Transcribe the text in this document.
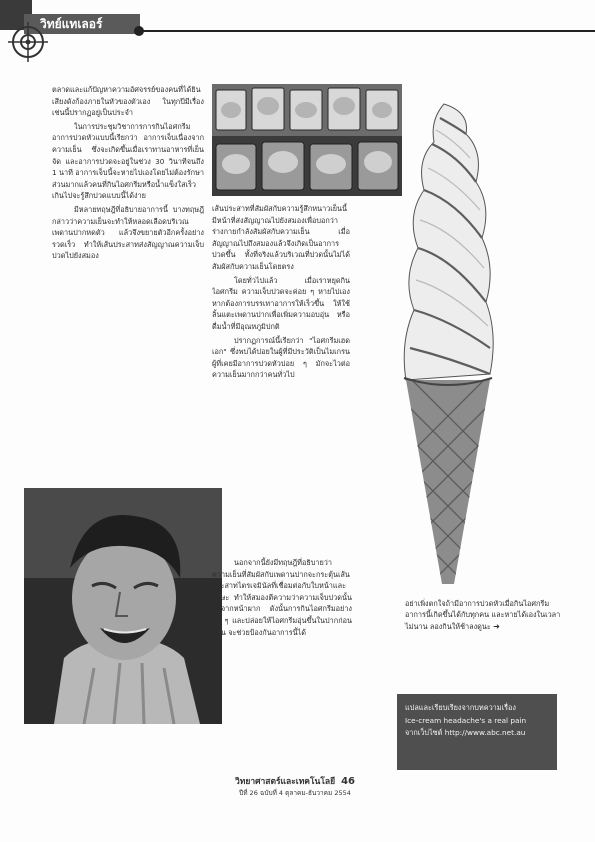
วิทย์แทเลอร์

ตลาดและแก้ปัญหาความอัศจรรย์ของคนที่ได้ยินเสียงดังก้องภายในหัวของตัวเอง ในทุกปีมีเรื่องเช่นนี้ปรากฏอยู่เป็นประจำ

ในการประชุมวิชาการการกินไอศกรีม อาการปวดหัวแบบนี้เรียกว่า อาการเจ็บเนื่องจากความเย็น ซึ่งจะเกิดขึ้นเมื่อเราทานอาหารที่เย็นจัด และอาการปวดจะอยู่ในช่วง 30 วินาทีจนถึง 1 นาที อาการเจ็บนี้จะหายไปเองโดยไม่ต้องรักษา ส่วนมากแล้วคนที่กินไอศกรีมหรือน้ำแข็งใสเร็วเกินไปจะรู้สึกปวดแบบนี้ได้ง่าย

มีหลายทฤษฎีที่อธิบายอาการนี้ บางทฤษฎีกล่าวว่าความเย็นจะทำให้หลอดเลือดบริเวณเพดานปากหดตัว แล้วจึงขยายตัวอีกครั้งอย่างรวดเร็ว ทำให้เส้นประสาทส่งสัญญาณความเจ็บปวดไปยังสมอง

เส้นประสาทที่สัมผัสกับความรู้สึกหนาวเย็นนี้ มีหน้าที่ส่งสัญญาณไปยังสมองเพื่อบอกว่าร่างกายกำลังสัมผัสกับความเย็น เมื่อสัญญาณไปถึงสมองแล้วจึงเกิดเป็นอาการปวดขึ้น ทั้งที่จริงแล้วบริเวณที่ปวดนั้นไม่ได้สัมผัสกับความเย็นโดยตรง

โดยทั่วไปแล้ว เมื่อเราหยุดกินไอศกรีม ความเจ็บปวดจะค่อย ๆ หายไปเอง หากต้องการบรรเทาอาการให้เร็วขึ้น ให้ใช้ลิ้นแตะเพดานปากเพื่อเพิ่มความอบอุ่น หรือดื่มน้ำที่มีอุณหภูมิปกติ

ปรากฏการณ์นี้เรียกว่า "ไอศกรีมเฮดเอก" ซึ่งพบได้บ่อยในผู้ที่มีประวัติเป็นไมเกรน ผู้ที่เคยมีอาการปวดหัวบ่อย ๆ มักจะไวต่อความเย็นมากกว่าคนทั่วไป

นอกจากนี้ยังมีทฤษฎีที่อธิบายว่า ความเย็นที่สัมผัสกับเพดานปากจะกระตุ้นเส้นประสาทไตรเจมินัลที่เชื่อมต่อกับใบหน้าและศีรษะ ทำให้สมองตีความว่าความเจ็บปวดนั้นมาจากหน้าผาก ดังนั้นการกินไอศกรีมอย่างช้า ๆ และปล่อยให้ไอศกรีมอุ่นขึ้นในปากก่อนกลืน จะช่วยป้องกันอาการนี้ได้

อย่าเพิ่งตกใจถ้ามีอาการปวดหัวเมื่อกินไอศกรีม อาการนี้เกิดขึ้นได้กับทุกคน และหายได้เองในเวลาไม่นาน ลองกินให้ช้าลงดูนะ ➜

แปลและเรียบเรียงจากบทความเรื่อง
Ice-cream headache's a real pain
จากเว็บไซต์ http://www.abc.net.au
วิทยาศาสตร์และเทคโนโลยี 46
ปีที่ 26 ฉบับที่ 4 ตุลาคม-ธันวาคม 2554
